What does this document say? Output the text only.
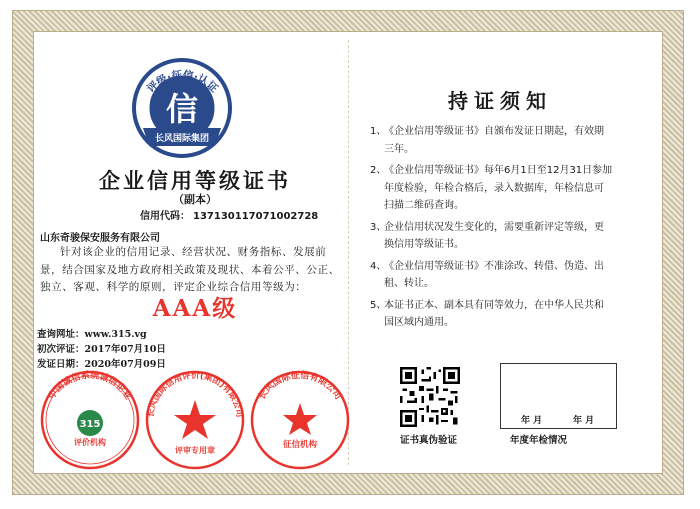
评级·征信·认证
信
长风国际集团
企业信用等级证书
（副本）
信用代码： 137130117071002728
山东奇骏保安服务有限公司

针对该企业的信用记录、经营状况、财务指标、发展前
景，结合国家及地方政府相关政策及现状、本着公平、公正、
独立、客观、科学的原则，评定企业综合信用等级为：

AAA级
查询网址：www.315.vg
初次评证：2017年07月10日
发证日期：2020年07月09日
中国诚信系统诚信企业
315
评价机构
长风国际信用评价(集团)有限公司
评审专用章
长风国际征信有限公司
征信机构
持证须知
1、
《企业信用等级证书》自颁布发证日期起，有效期
三年。
2、
《企业信用等级证书》每年6月1日至12月31日参加
年度检验，年检合格后，录入数据库，年检信息可
扫描二维码查询。
3、
企业信用状况发生变化的，需要重新评定等级，更
换信用等级证书。
4、
《企业信用等级证书》不准涂改、转借、伪造、出
租、转让。
5、
本证书正本、副本具有同等效力，在中华人民共和
国区域内通用。
证书真伪验证
年 月	年 月
年度年检情况
